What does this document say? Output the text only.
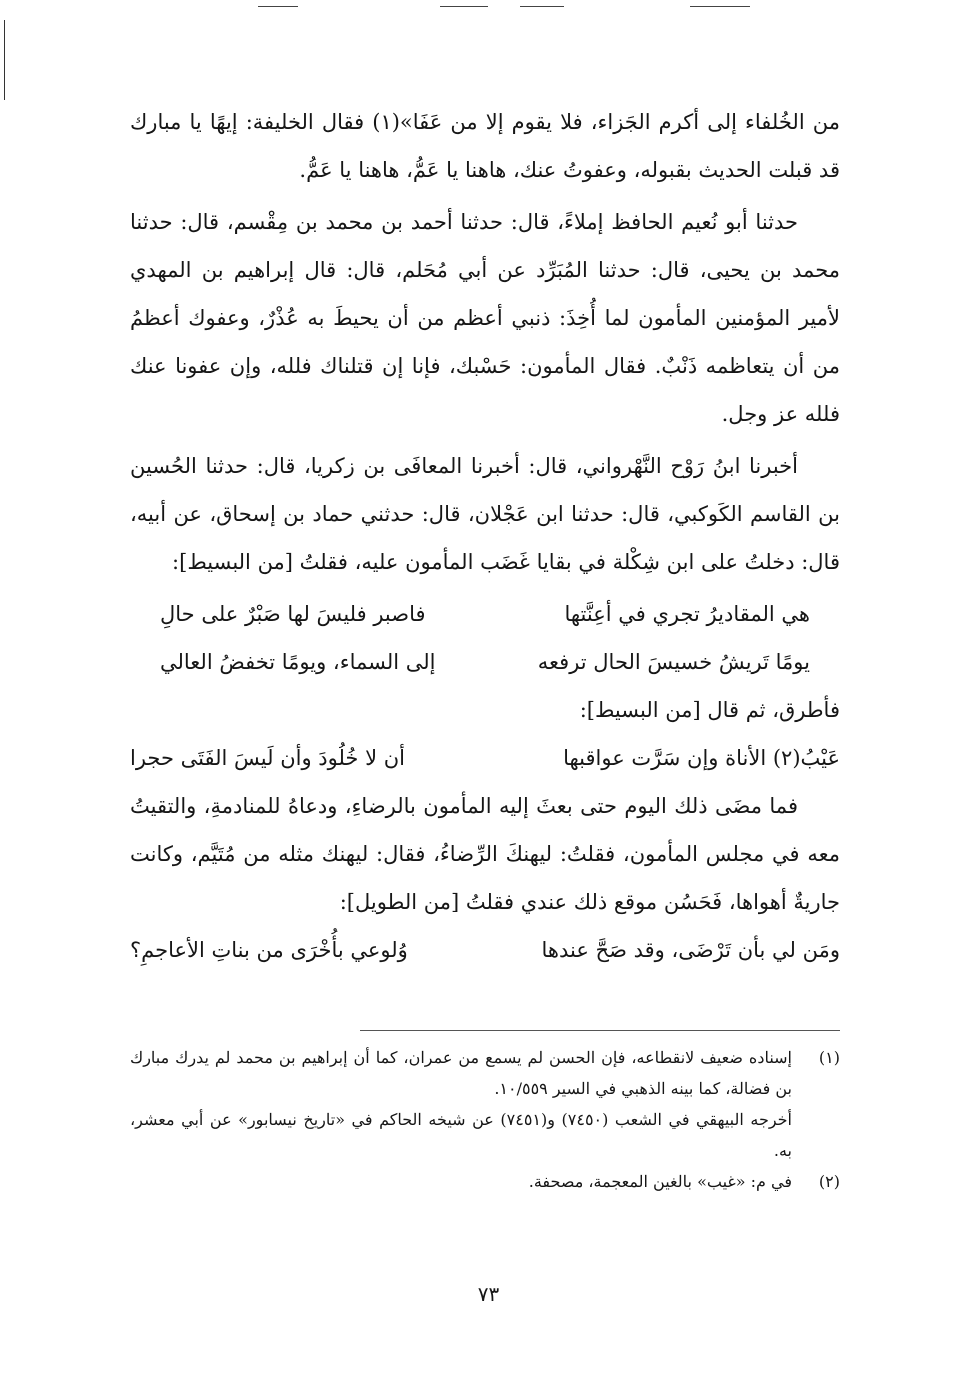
من الخُلفاء إلى أكرم الجَزاء، فلا يقوم إلا من عَفَا»(١) فقال الخليفة: إيهًا يا مبارك قد قبلت الحديث بقبوله، وعفوتُ عنك، هاهنا يا عَمُّ، هاهنا يا عَمُّ.

حدثنا أبو نُعيم الحافظ إملاءً، قال: حدثنا أحمد بن محمد بن مِقْسم، قال: حدثنا محمد بن يحيى، قال: حدثنا المُبَرِّد عن أبي مُحَلم، قال: قال إبراهيم بن المهدي لأمير المؤمنين المأمون لما أُخِذَ: ذنبي أعظم من أن يحيطَ به عُذْرٌ، وعفوك أعظمُ من أن يتعاظمه ذَنْبٌ. فقال المأمون: حَسْبك، فإنا إن قتلناك فلله، وإن عفونا عنك فلله عز وجل.

أخبرنا ابنُ رَوْح النَّهْرواني، قال: أخبرنا المعافَى بن زكريا، قال: حدثنا الحُسين بن القاسم الكَوكبي، قال: حدثنا ابن عَجْلان، قال: حدثني حماد بن إسحاق، عن أبيه، قال: دخلتُ على ابن شِكْلة في بقايا غَضَب المأمون عليه، فقلتُ [من البسيط]:

هي المقاديرُ تجري في أعِنَّتها
فاصبر فليسَ لها صَبْرٌ على حالِ
يومًا تَريشُ خسيسَ الحال ترفعه
إلى السماء، ويومًا تخفضُ العالي

فأطرق، ثم قال [من البسيط]:

عَيْبُ(٢) الأناة وإن سَرَّت عواقبها
أن لا خُلُودَ وأن لَيسَ الفَتَى حجرا

فما مضَى ذلك اليوم حتى بعثَ إليه المأمون بالرضاءِ، ودعاهُ للمنادمةِ، والتقيتُ معه في مجلس المأمون، فقلتُ: ليهنكَ الرِّضاءُ، فقال: ليهنك مثله من مُتَيَّم، وكانت جاريةٌ أهواها، فَحَسُن موقع ذلك عندي فقلتُ [من الطويل]:

ومَن لي بأن تَرْضَى، وقد صَحَّ عندها
وُلوعي بأُخْرَى من بناتِ الأعاجمِ؟
(١)
إسناده ضعيف لانقطاعه، فإن الحسن لم يسمع من عمران، كما أن إبراهيم بن محمد لم يدرك مبارك بن فضالة، كما بينه الذهبي في السير ١٠/٥٥٩.

أخرجه البيهقي في الشعب (٧٤٥٠) و(٧٤٥١) عن شيخه الحاكم في «تاريخ نيسابور» عن أبي معشر، به.

(٢)
في م: «غيب» بالغين المعجمة، مصحفة.
٧٣
